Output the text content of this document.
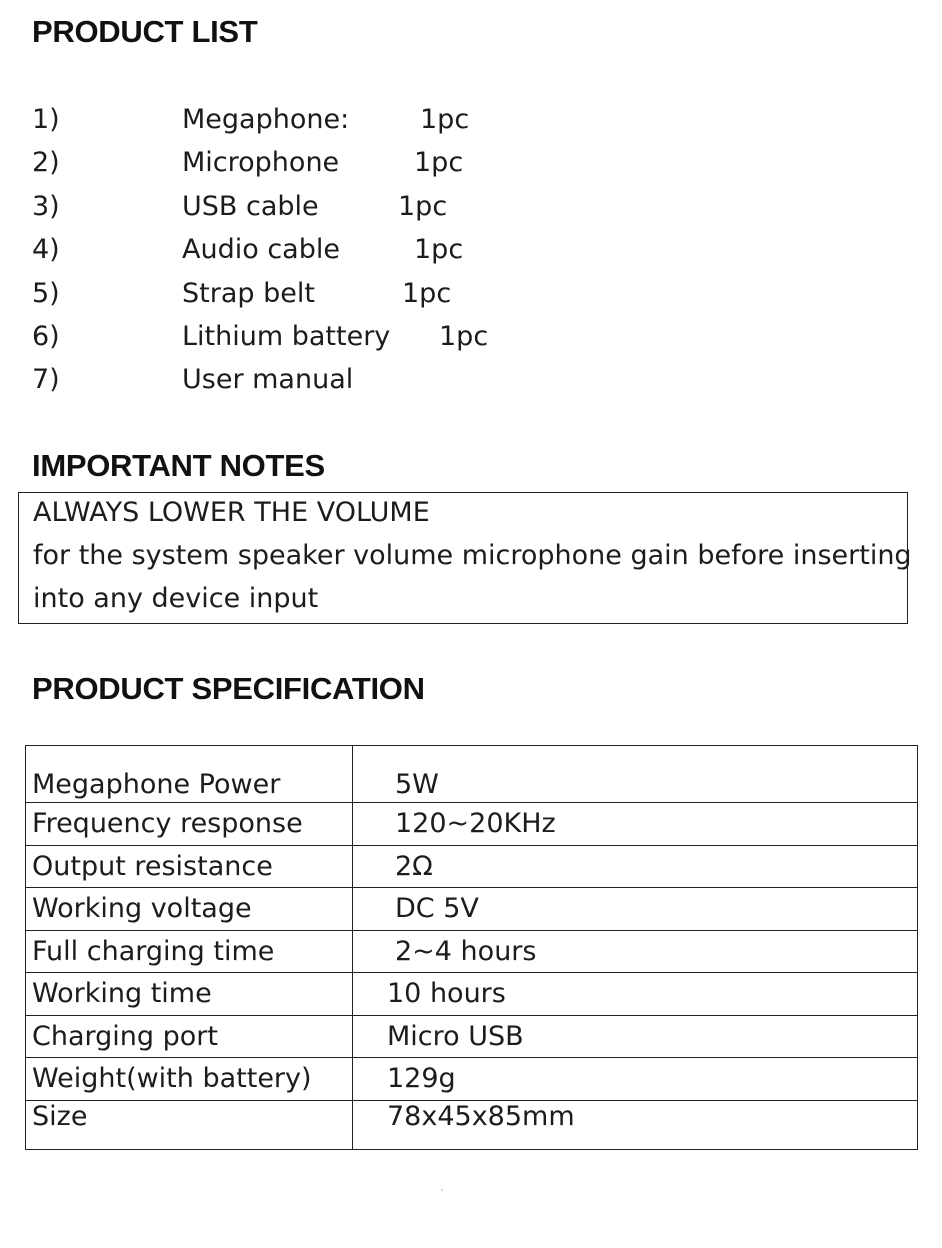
PRODUCT LIST
1)	Megaphone:	1pc
2)	Microphone	1pc
3)	USB cable	1pc
4)	Audio cable	1pc
5)	Strap belt	1pc
6)	Lithium battery 1pc
7)	User manual
IMPORTANT NOTES
ALWAYS LOWER THE VOLUME
for the system speaker volume microphone gain before inserting
into any device input
PRODUCT SPECIFICATION
Megaphone Power	5W
Frequency response	120~20KHz
Output resistance	2Ω
Working voltage	DC 5V
Full charging time	2~4 hours
Working time	10 hours
Charging port	Micro USB
Weight(with battery)	129g
Size	78x45x85mm
